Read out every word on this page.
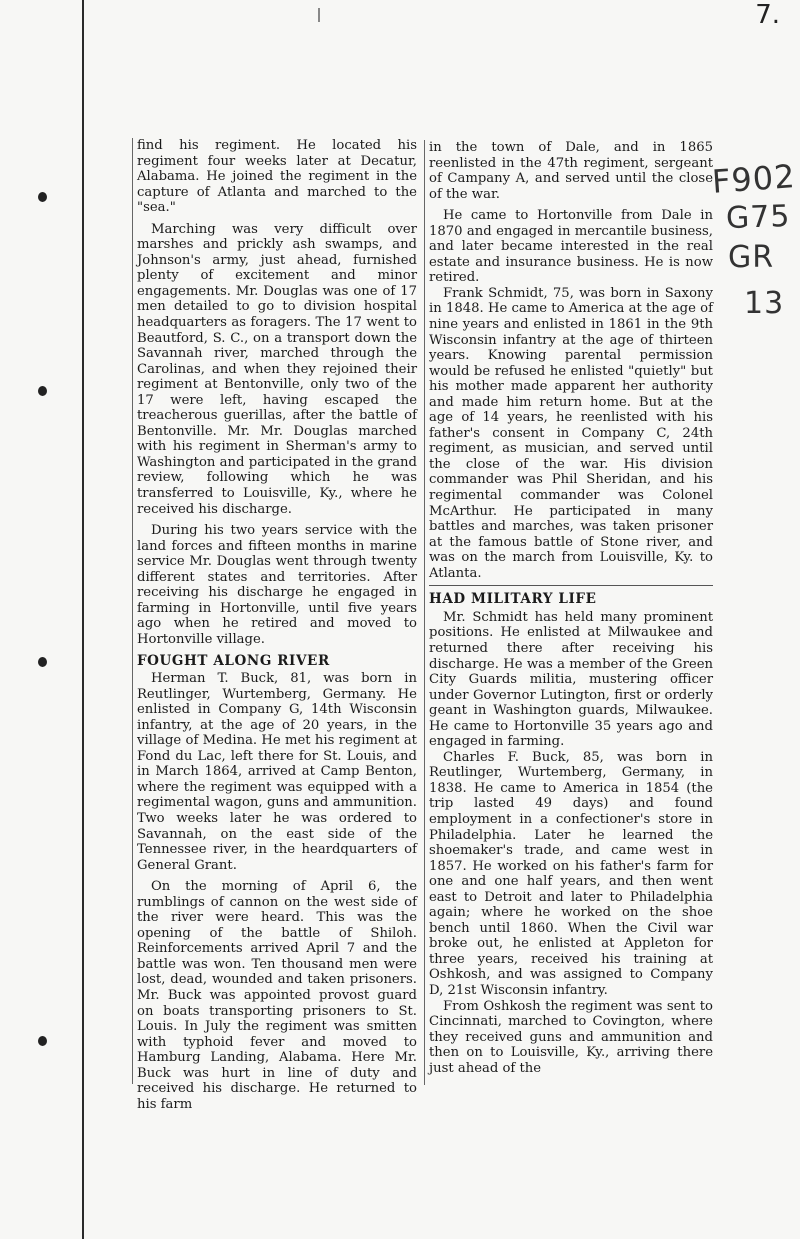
7.
F902
G75
GR
13

find his regiment. He located his regiment four weeks later at Decatur, Alabama. He joined the regiment in the capture of Atlanta and marched to the "sea."

Marching was very difficult over marshes and prickly ash swamps, and Johnson's army, just ahead, furnished plenty of excitement and minor engagements. Mr. Douglas was one of 17 men detailed to go to division hospital headquarters as foragers. The 17 went to Beautford, S. C., on a transport down the Savannah river, marched through the Carolinas, and when they rejoined their regiment at Bentonville, only two of the 17 were left, having escaped the treacherous guerillas, after the battle of Bentonville. Mr. Mr. Douglas marched with his regiment in Sherman's army to Washington and participated in the grand review, following which he was transferred to Louisville, Ky., where he received his discharge.

During his two years service with the land forces and fifteen months in marine service Mr. Douglas went through twenty different states and territories. After receiving his discharge he engaged in farming in Hortonville, until five years ago when he retired and moved to Hortonville village.

FOUGHT ALONG RIVER

Herman T. Buck, 81, was born in Reutlinger, Wurtemberg, Germany. He enlisted in Company G, 14th Wisconsin infantry, at the age of 20 years, in the village of Medina. He met his regiment at Fond du Lac, left there for St. Louis, and in March 1864, arrived at Camp Benton, where the regiment was equipped with a regimental wagon, guns and ammunition. Two weeks later he was ordered to Savannah, on the east side of the Tennessee river, in the heardquarters of General Grant.

On the morning of April 6, the rumblings of cannon on the west side of the river were heard. This was the opening of the battle of Shiloh. Reinforcements arrived April 7 and the battle was won. Ten thousand men were lost, dead, wounded and taken prisoners. Mr. Buck was appointed provost guard on boats transporting prisoners to St. Louis. In July the regiment was smitten with typhoid fever and moved to Hamburg Landing, Alabama. Here Mr. Buck was hurt in line of duty and received his discharge. He returned to his farm

in the town of Dale, and in 1865 reenlisted in the 47th regiment, sergeant of Campany A, and served until the close of the war.

He came to Hortonville from Dale in 1870 and engaged in mercantile business, and later became interested in the real estate and insurance business. He is now retired.

Frank Schmidt, 75, was born in Saxony in 1848. He came to America at the age of nine years and enlisted in 1861 in the 9th Wisconsin infantry at the age of thirteen years. Knowing parental permission would be refused he enlisted "quietly" but his mother made apparent her authority and made him return home. But at the age of 14 years, he reenlisted with his father's consent in Company C, 24th regiment, as musician, and served until the close of the war. His division commander was Phil Sheridan, and his regimental commander was Colonel McArthur. He participated in many battles and marches, was taken prisoner at the famous battle of Stone river, and was on the march from Louisville, Ky. to Atlanta.

HAD MILITARY LIFE

Mr. Schmidt has held many prominent positions. He enlisted at Milwaukee and returned there after receiving his discharge. He was a member of the Green City Guards militia, mustering officer under Governor Lutington, first or orderly geant in Washington guards, Milwaukee. He came to Hortonville 35 years ago and engaged in farming.

Charles F. Buck, 85, was born in Reutlinger, Wurtemberg, Germany, in 1838. He came to America in 1854 (the trip lasted 49 days) and found employment in a confectioner's store in Philadelphia. Later he learned the shoemaker's trade, and came west in 1857. He worked on his father's farm for one and one half years, and then went east to Detroit and later to Philadelphia again; where he worked on the shoe bench until 1860. When the Civil war broke out, he enlisted at Appleton for three years, received his training at Oshkosh, and was assigned to Company D, 21st Wisconsin infantry.

From Oshkosh the regiment was sent to Cincinnati, marched to Covington, where they received guns and ammunition and then on to Louisville, Ky., arriving there just ahead of the
